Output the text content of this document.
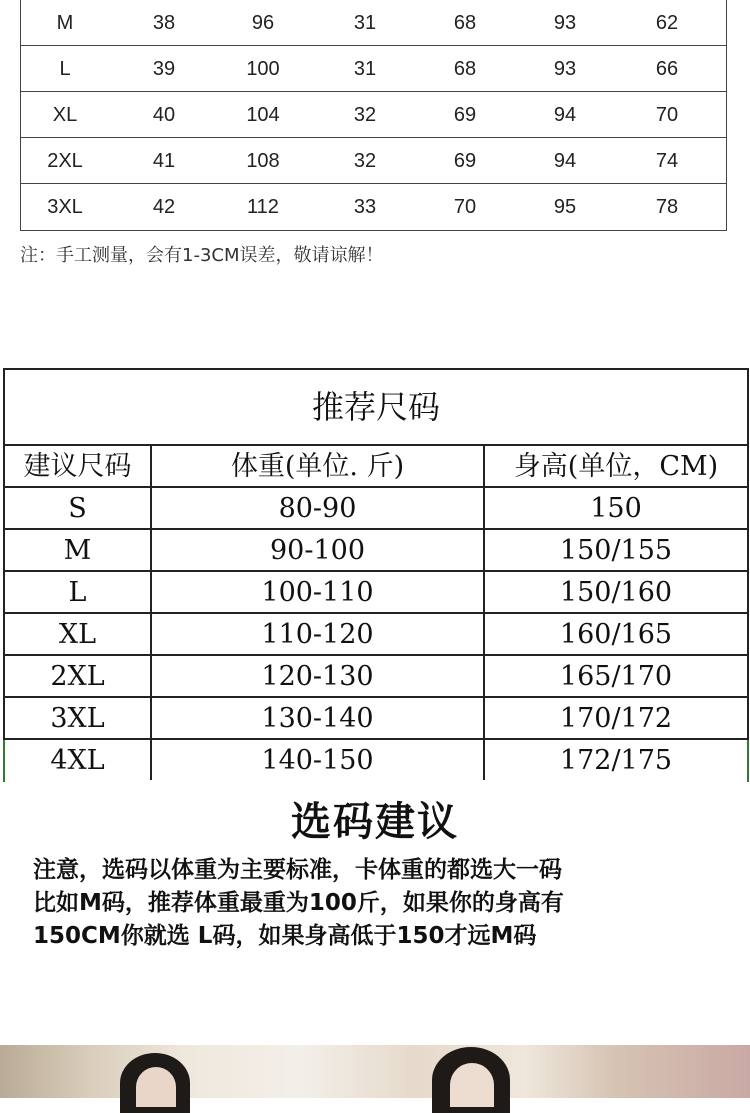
M	38	96	31	68	93	62
L	39	100	31	68	93	66
XL	40	104	32	69	94	70
2XL	41	108	32	69	94	74
3XL	42	112	33	70	95	78
注：手工测量，会有1-3CM误差，敬请谅解！
推荐尺码
建议尺码	体重(单位. 斤)	身高(单位，CM)
S	80-90	150
M	90-100	150/155
L	100-110	150/160
XL	110-120	160/165
2XL	120-130	165/170
3XL	130-140	170/172
4XL	140-150	172/175
选码建议
注意，选码以体重为主要标准，卡体重的都选大一码
比如M码，推荐体重最重为100斤，如果你的身高有
150CM你就选 L码，如果身高低于150才远M码
